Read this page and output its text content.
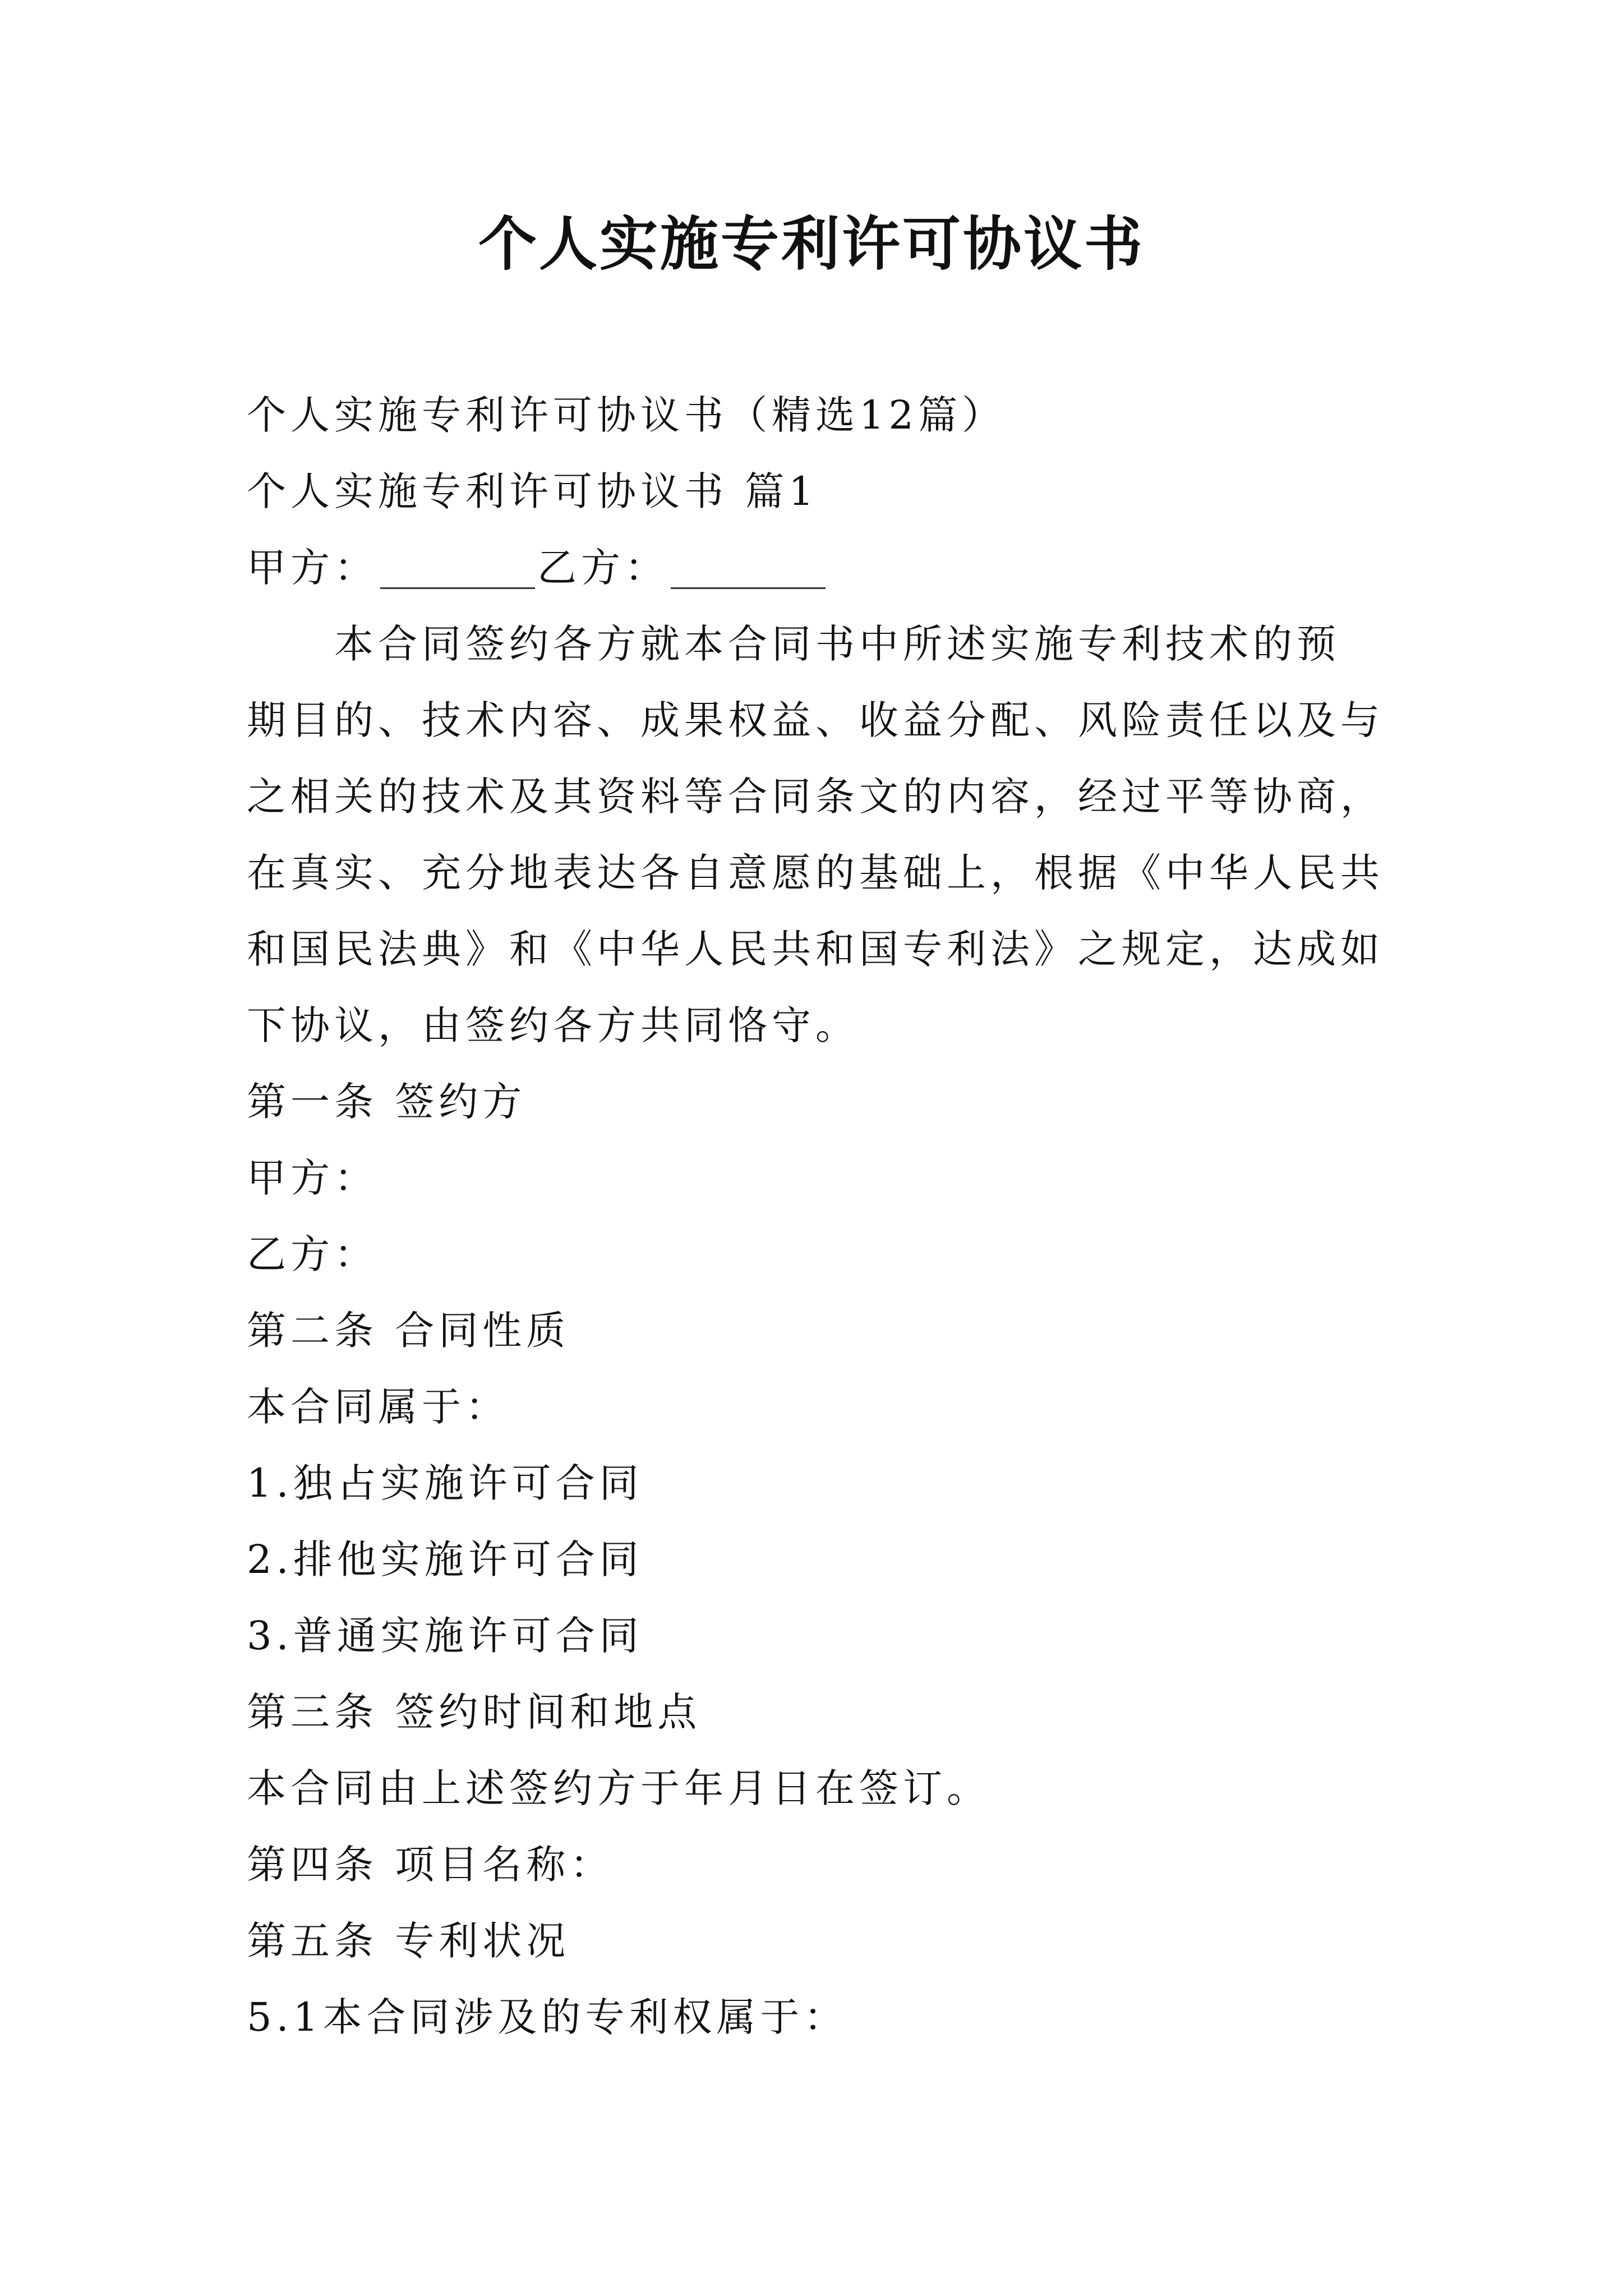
个人实施专利许可协议书

个人实施专利许可协议书（精选12篇）

个人实施专利许可协议书 篇1

甲方：	乙方：

本合同签约各方就本合同书中所述实施专利技术的预

期目的、技术内容、成果权益、收益分配、风险责任以及与

之相关的技术及其资料等合同条文的内容，经过平等协商，

在真实、充分地表达各自意愿的基础上，根据《中华人民共

和国民法典》和《中华人民共和国专利法》之规定，达成如

下协议，由签约各方共同恪守。

第一条 签约方

甲方：

乙方：

第二条 合同性质

本合同属于：

1.独占实施许可合同

2.排他实施许可合同

3.普通实施许可合同

第三条 签约时间和地点

本合同由上述签约方于年月日在签订。

第四条 项目名称：

第五条 专利状况

5.1本合同涉及的专利权属于：
